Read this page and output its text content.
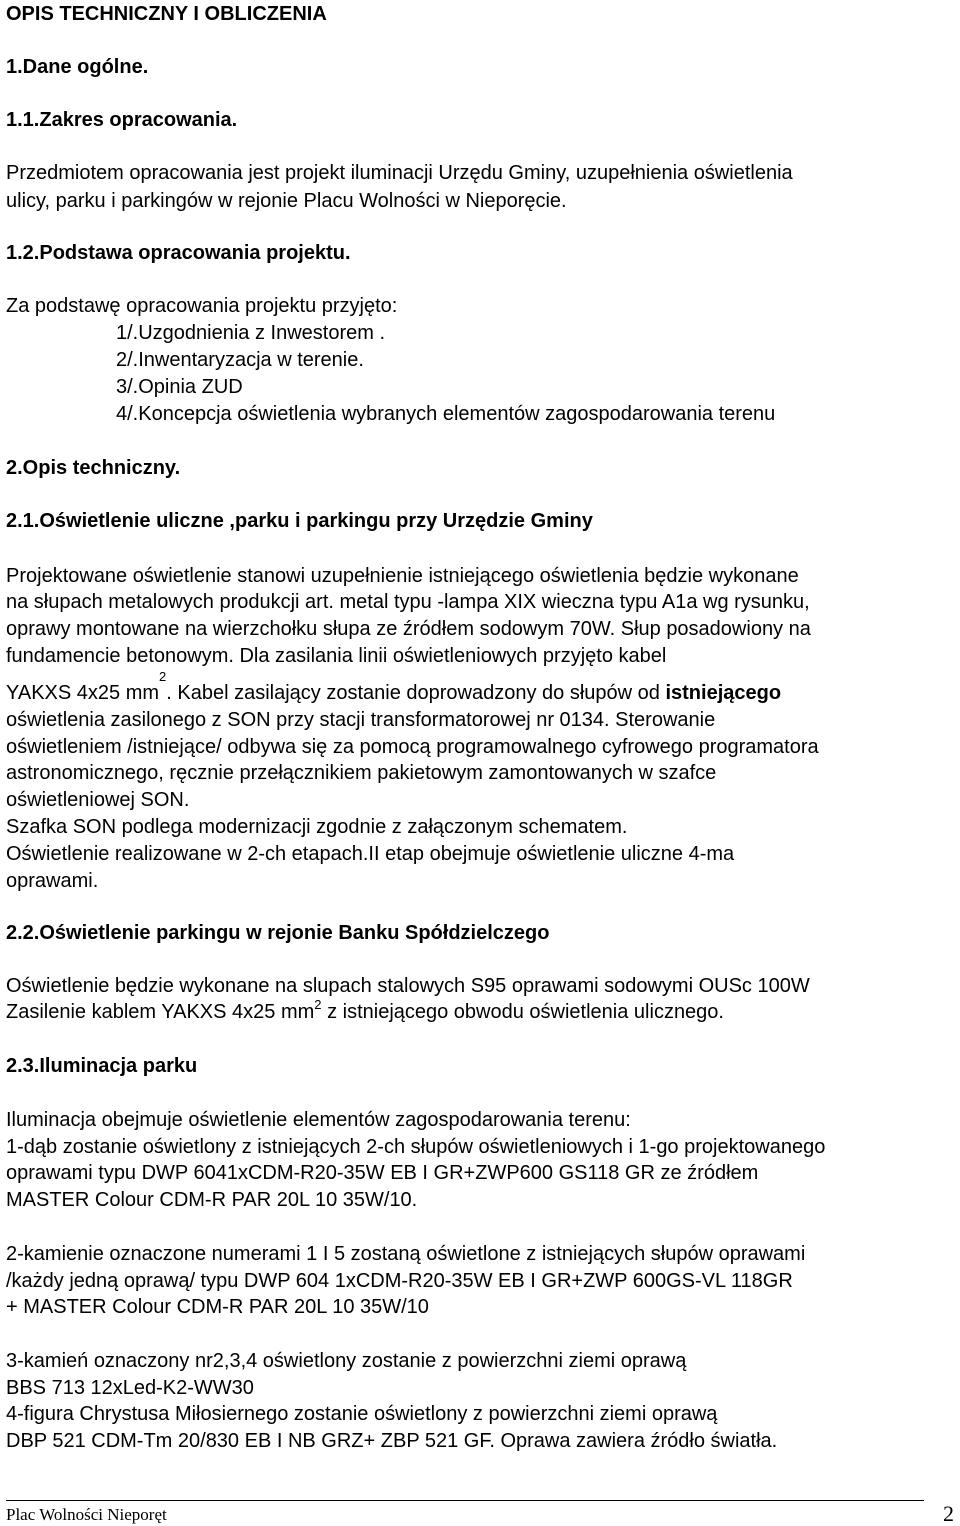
OPIS TECHNICZNY I OBLICZENIA
1.Dane ogólne.
1.1.Zakres opracowania.
Przedmiotem opracowania jest projekt iluminacji Urzędu Gminy, uzupełnienia oświetlenia
ulicy, parku i parkingów w rejonie Placu Wolności w Nieporęcie.
1.2.Podstawa opracowania projektu.
Za podstawę opracowania projektu przyjęto:
1/.Uzgodnienia z Inwestorem .
2/.Inwentaryzacja w terenie.
3/.Opinia ZUD
4/.Koncepcja oświetlenia wybranych elementów zagospodarowania terenu
2.Opis techniczny.
2.1.Oświetlenie uliczne ,parku i parkingu przy Urzędzie Gminy
Projektowane oświetlenie stanowi uzupełnienie istniejącego oświetlenia będzie wykonane
na słupach metalowych produkcji art. metal typu -lampa XIX wieczna typu A1a wg rysunku,
oprawy montowane na wierzchołku słupa ze źródłem sodowym 70W. Słup posadowiony na
fundamencie betonowym. Dla zasilania linii oświetleniowych przyjęto kabel
YAKXS 4x25 $mm^2$. Kabel zasilający zostanie doprowadzony do słupów od istniejącego
oświetlenia zasilonego z SON przy stacji transformatorowej nr 0134. Sterowanie
oświetleniem /istniejące/ odbywa się za pomocą programowalnego cyfrowego programatora
astronomicznego, ręcznie przełącznikiem pakietowym zamontowanych w szafce
oświetleniowej SON.
Szafka SON podlega modernizacji zgodnie z załączonym schematem.
Oświetlenie realizowane w 2-ch etapach.II etap obejmuje oświetlenie uliczne 4-ma
oprawami.
2.2.Oświetlenie parkingu w rejonie Banku Spółdzielczego
Oświetlenie będzie wykonane na slupach stalowych S95 oprawami sodowymi OUSc 100W
Zasilenie kablem YAKXS 4x25 $mm^2$ z istniejącego obwodu oświetlenia ulicznego.
2.3.Iluminacja parku
Iluminacja obejmuje oświetlenie elementów zagospodarowania terenu:
1-dąb zostanie oświetlony z istniejących 2-ch słupów oświetleniowych i 1-go projektowanego
oprawami typu DWP 6041xCDM-R20-35W EB I GR+ZWP600 GS118 GR ze źródłem
MASTER Colour CDM-R PAR 20L 10 35W/10.
2-kamienie oznaczone numerami 1 I 5 zostaną oświetlone z istniejących słupów oprawami
/każdy jedną oprawą/ typu DWP 604 1xCDM-R20-35W EB I GR+ZWP 600GS-VL 118GR
+ MASTER Colour CDM-R PAR 20L 10 35W/10
3-kamień oznaczony nr2,3,4 oświetlony zostanie z powierzchni ziemi oprawą
BBS 713 12xLed-K2-WW30
4-figura Chrystusa Miłosiernego zostanie oświetlony z powierzchni ziemi oprawą
DBP 521 CDM-Tm 20/830 EB I NB GRZ+ ZBP 521 GF. Oprawa zawiera źródło światła.
Plac Wolności Nieporęt	2
